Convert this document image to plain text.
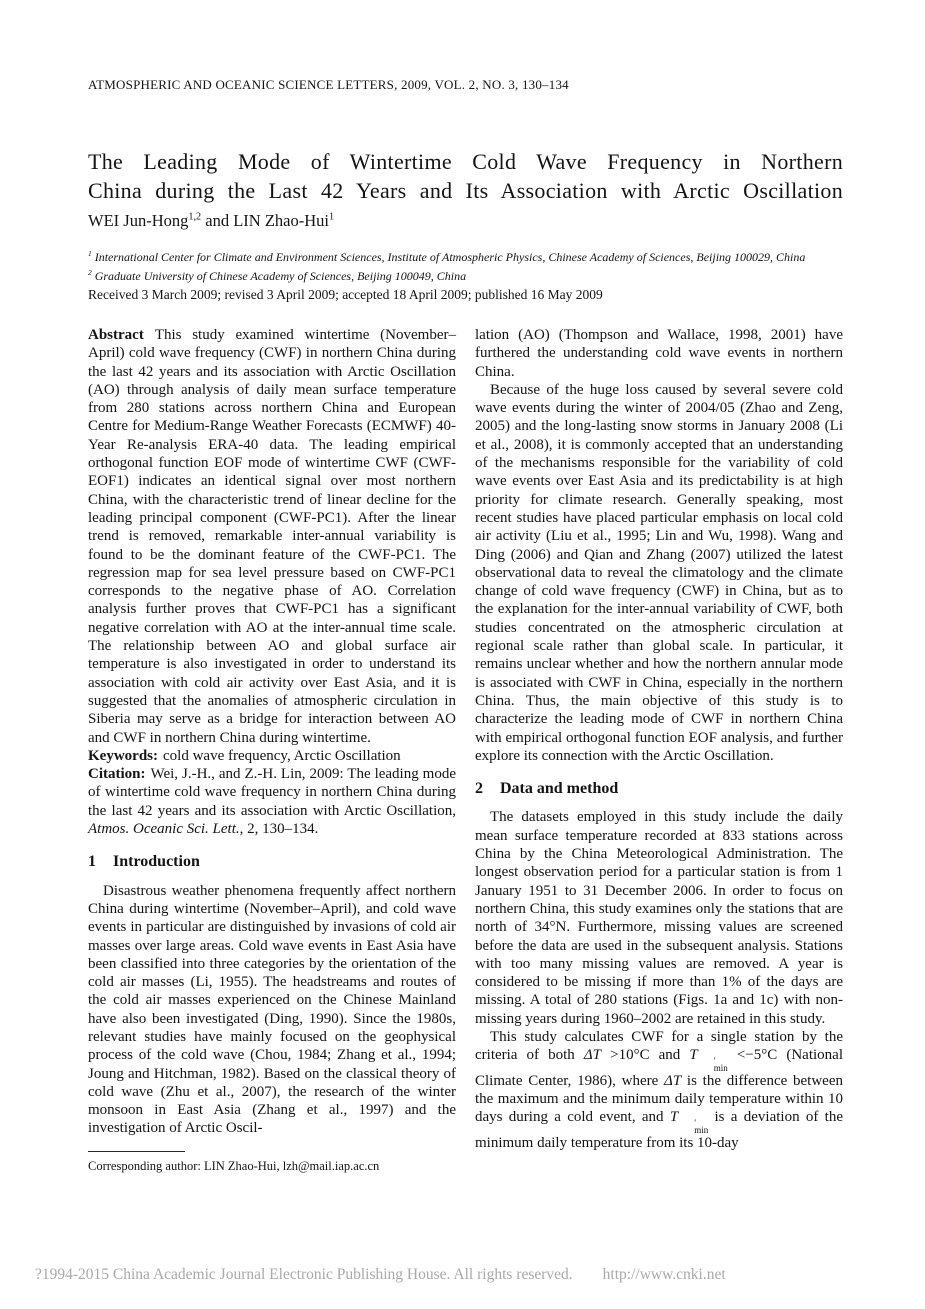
ATMOSPHERIC AND OCEANIC SCIENCE LETTERS, 2009, VOL. 2, NO. 3, 130–134
The Leading Mode of Wintertime Cold Wave Frequency in Northern
China during the Last 42 Years and Its Association with Arctic Oscillation
WEI Jun-Hong$^{1,2}$ and LIN Zhao-Hui$^1$
$^1$ International Center for Climate and Environment Sciences, Institute of Atmospheric Physics, Chinese Academy of Sciences, Beijing 100029, China
$^2$ Graduate University of Chinese Academy of Sciences, Beijing 100049, China
Received 3 March 2009; revised 3 April 2009; accepted 18 April 2009; published 16 May 2009

Abstract This study examined wintertime (November–April) cold wave frequency (CWF) in northern China during the last 42 years and its association with Arctic Oscillation (AO) through analysis of daily mean surface temperature from 280 stations across northern China and European Centre for Medium-Range Weather Forecasts (ECMWF) 40-Year Re-analysis ERA-40 data. The leading empirical orthogonal function EOF mode of wintertime CWF (CWF-EOF1) indicates an identical signal over most northern China, with the characteristic trend of linear decline for the leading principal component (CWF-PC1). After the linear trend is removed, remarkable inter-annual variability is found to be the dominant feature of the CWF-PC1. The regression map for sea level pressure based on CWF-PC1 corresponds to the negative phase of AO. Correlation analysis further proves that CWF-PC1 has a significant negative correlation with AO at the inter-annual time scale. The relationship between AO and global surface air temperature is also investigated in order to understand its association with cold air activity over East Asia, and it is suggested that the anomalies of atmospheric circulation in Siberia may serve as a bridge for interaction between AO and CWF in northern China during wintertime.

Keywords: cold wave frequency, Arctic Oscillation

Citation: Wei, J.-H., and Z.-H. Lin, 2009: The leading mode of wintertime cold wave frequency in northern China during the last 42 years and its association with Arctic Oscillation, Atmos. Oceanic Sci. Lett., 2, 130–134.

1 Introduction

Disastrous weather phenomena frequently affect northern China during wintertime (November–April), and cold wave events in particular are distinguished by invasions of cold air masses over large areas. Cold wave events in East Asia have been classified into three categories by the orientation of the cold air masses (Li, 1955). The headstreams and routes of the cold air masses experienced on the Chinese Mainland have also been investigated (Ding, 1990). Since the 1980s, relevant studies have mainly focused on the geophysical process of the cold wave (Chou, 1984; Zhang et al., 1994; Joung and Hitchman, 1982). Based on the classical theory of cold wave (Zhu et al., 2007), the research of the winter monsoon in East Asia (Zhang et al., 1997) and the investigation of Arctic Oscil-

Corresponding author: LIN Zhao-Hui, lzh@mail.iap.ac.cn

lation (AO) (Thompson and Wallace, 1998, 2001) have furthered the understanding cold wave events in northern China.

Because of the huge loss caused by several severe cold wave events during the winter of 2004/05 (Zhao and Zeng, 2005) and the long-lasting snow storms in January 2008 (Li et al., 2008), it is commonly accepted that an understanding of the mechanisms responsible for the variability of cold wave events over East Asia and its predictability is at high priority for climate research. Generally speaking, most recent studies have placed particular emphasis on local cold air activity (Liu et al., 1995; Lin and Wu, 1998). Wang and Ding (2006) and Qian and Zhang (2007) utilized the latest observational data to reveal the climatology and the climate change of cold wave frequency (CWF) in China, but as to the explanation for the inter-annual variability of CWF, both studies concentrated on the atmospheric circulation at regional scale rather than global scale. In particular, it remains unclear whether and how the northern annular mode is associated with CWF in China, especially in the northern China. Thus, the main objective of this study is to characterize the leading mode of CWF in northern China with empirical orthogonal function EOF analysis, and further explore its connection with the Arctic Oscillation.

2 Data and method

The datasets employed in this study include the daily mean surface temperature recorded at 833 stations across China by the China Meteorological Administration. The longest observation period for a particular station is from 1 January 1951 to 31 December 2006. In order to focus on northern China, this study examines only the stations that are north of 34°N. Furthermore, missing values are screened before the data are used in the subsequent analysis. Stations with too many missing values are removed. A year is considered to be missing if more than 1% of the days are missing. A total of 280 stations (Figs. 1a and 1c) with non-missing years during 1960–2002 are retained in this study.

This study calculates CWF for a single station by the criteria of both ΔT >10°C and T	′
min
<−5°C (National Climate Center, 1986), where ΔT is the difference between the maximum and the minimum daily temperature within 10 days during a cold event, and T	′
min
is a deviation of the minimum daily temperature from its 10-day

?1994-2015 China Academic Journal Electronic Publishing House. All rights reserved. http://www.cnki.net
